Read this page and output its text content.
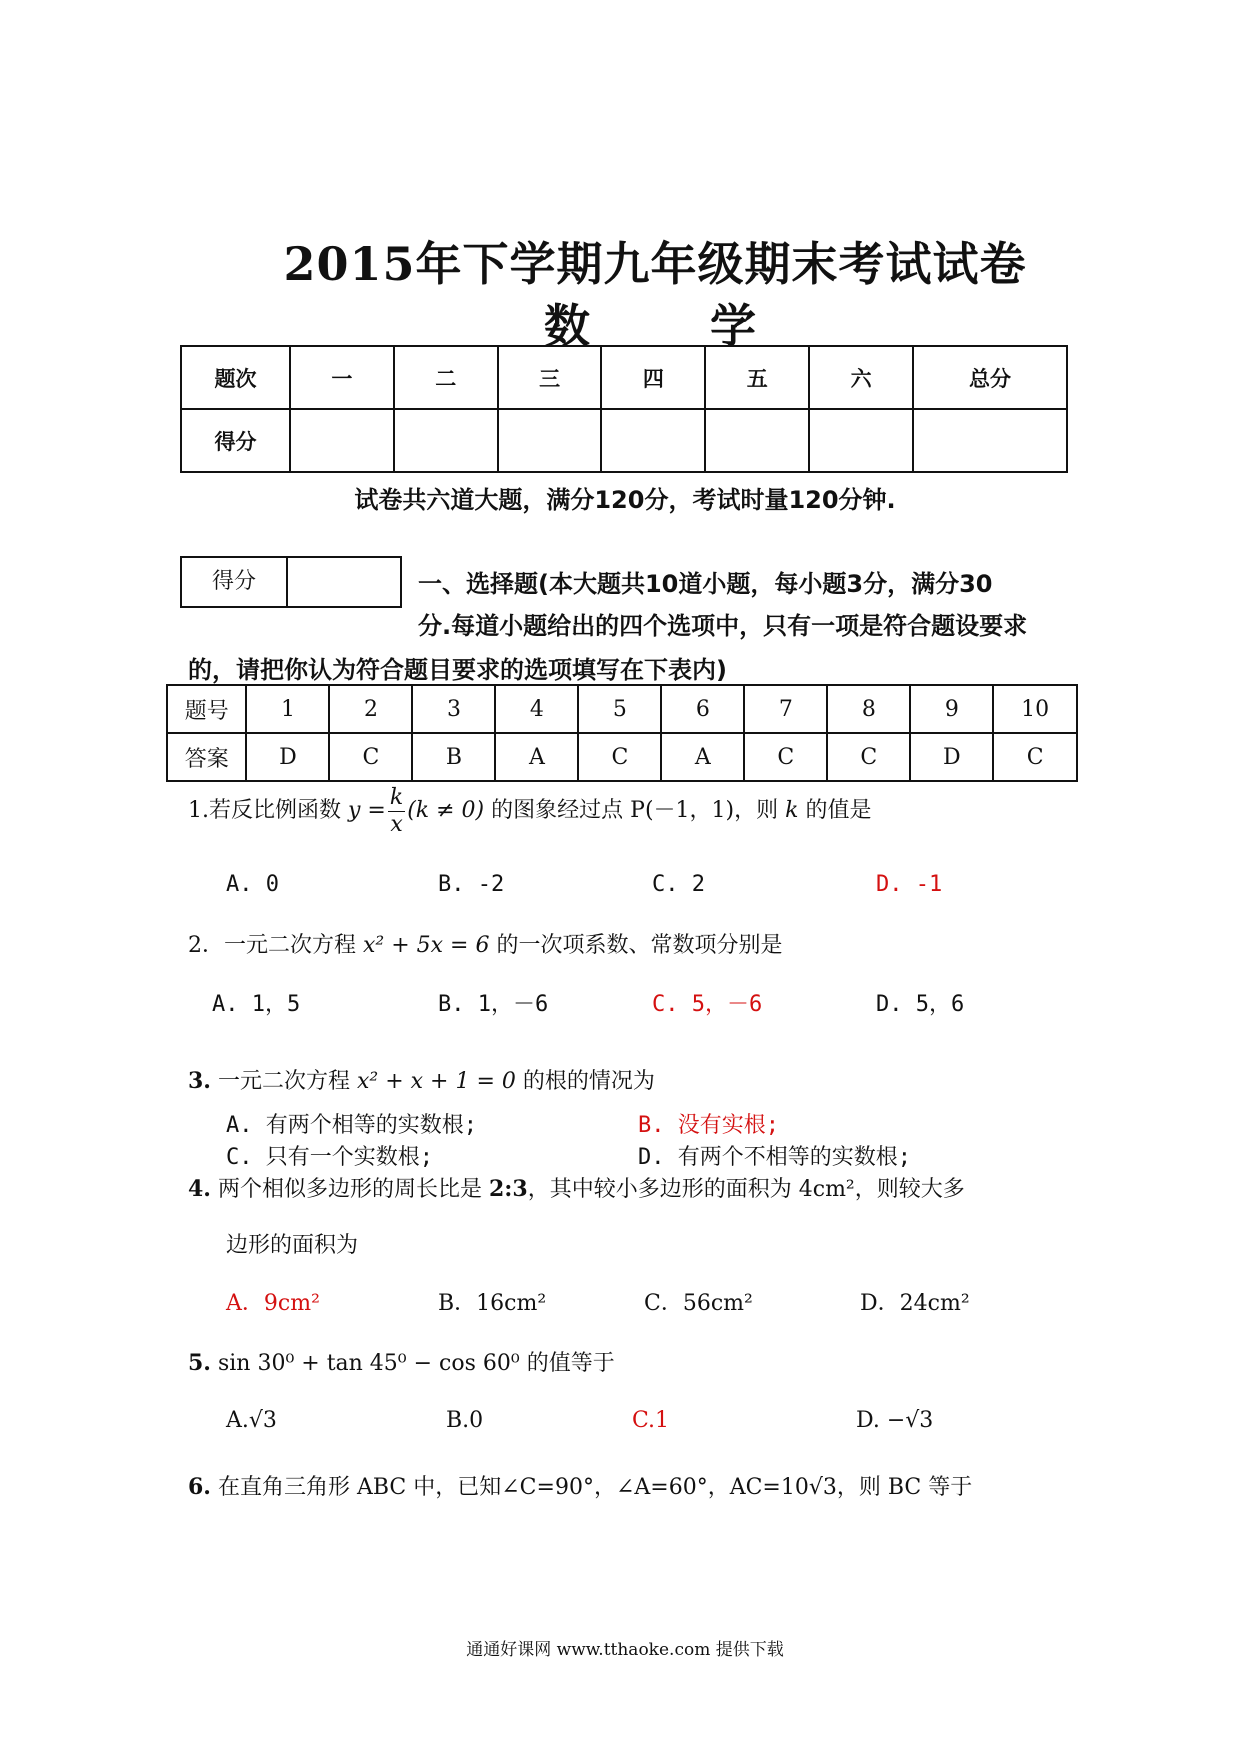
2015年下学期九年级期末考试试卷
数	学
题次	一	二	三	四	五	六	总分
得分							
试卷共六道大题，满分120分，考试时量120分钟.
得分	一、选择题(本大题共10道小题，每小题3分，满分30
分.每道小题给出的四个选项中，只有一项是符合题设要求
的，请把你认为符合题目要求的选项填写在下表内)
题号	1	2	3	4	5	6	7	8	9	10
答案	D	C	B	A	C	A	C	C	D	C
1.若反比例函数 $y = \frac{k}{x} (k \ne 0)$ 的图象经过点 P(－1，1)，则 k 的值是
A. 0	B. -2	C. 2	D. -1
2．一元二次方程 x² + 5x = 6 的一次项系数、常数项分别是
A. 1，5	B. 1，－6	C. 5，－6	D. 5，6
3. 一元二次方程 x² + x + 1 = 0 的根的情况为
A. 有两个相等的实数根;	B. 没有实根;
C. 只有一个实数根;	D. 有两个不相等的实数根;
4. 两个相似多边形的周长比是 2:3，其中较小多边形的面积为 4cm²，则较大多
边形的面积为
A．9cm²	B．16cm²	C．56cm²	D．24cm²
5. sin 30⁰ + tan 45⁰ − cos 60⁰ 的值等于
A.√3	B.0	C.1	D. −√3
6. 在直角三角形 ABC 中，已知∠C=90°，∠A=60°，AC=10√3，则 BC 等于
通通好课网 www.tthaoke.com 提供下载
